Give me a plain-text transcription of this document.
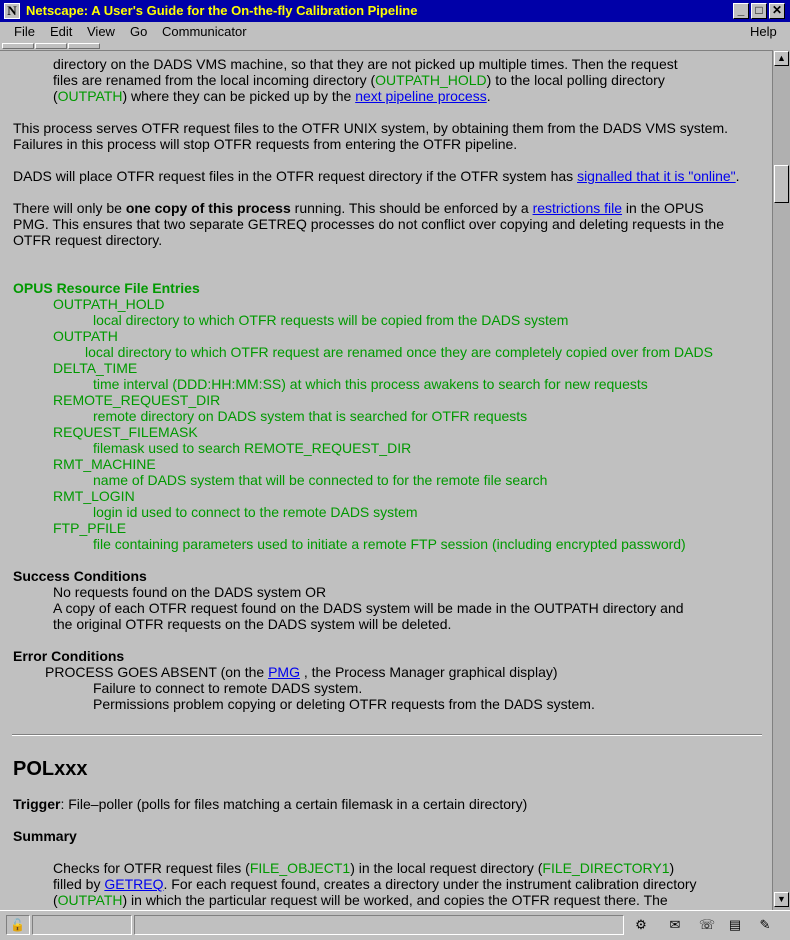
N Netscape: A User's Guide for the On-the-fly Calibration Pipeline	_ □ ✕
File Edit View Go Communicator	Help
directory on the DADS VMS machine, so that they are not picked up multiple times. Then the request
files are renamed from the local incoming directory (OUTPATH_HOLD) to the local polling directory
(OUTPATH) where they can be picked up by the next pipeline process.
This process serves OTFR request files to the OTFR UNIX system, by obtaining them from the DADS VMS system.
Failures in this process will stop OTFR requests from entering the OTFR pipeline.
DADS will place OTFR request files in the OTFR request directory if the OTFR system has signalled that it is "online".
There will only be one copy of this process running. This should be enforced by a restrictions file in the OPUS
PMG. This ensures that two separate GETREQ processes do not conflict over copying and deleting requests in the
OTFR request directory.
OPUS Resource File Entries
OUTPATH_HOLD
local directory to which OTFR requests will be copied from the DADS system
OUTPATH
local directory to which OTFR request are renamed once they are completely copied over from DADS
DELTA_TIME
time interval (DDD:HH:MM:SS) at which this process awakens to search for new requests
REMOTE_REQUEST_DIR
remote directory on DADS system that is searched for OTFR requests
REQUEST_FILEMASK
filemask used to search REMOTE_REQUEST_DIR
RMT_MACHINE
name of DADS system that will be connected to for the remote file search
RMT_LOGIN
login id used to connect to the remote DADS system
FTP_PFILE
file containing parameters used to initiate a remote FTP session (including encrypted password)
Success Conditions
No requests found on the DADS system OR
A copy of each OTFR request found on the DADS system will be made in the OUTPATH directory and
the original OTFR requests on the DADS system will be deleted.
Error Conditions
PROCESS GOES ABSENT (on the PMG , the Process Manager graphical display)
Failure to connect to remote DADS system.
Permissions problem copying or deleting OTFR requests from the DADS system.
POLxxx
Trigger: File–poller (polls for files matching a certain filemask in a certain directory)
Summary
Checks for OTFR request files (FILE_OBJECT1) in the local request directory (FILE_DIRECTORY1)
filled by GETREQ. For each request found, creates a directory under the instrument calibration directory
(OUTPATH) in which the particular request will be worked, and copies the OTFR request there. The
▲
▼
🔓	⚙	✉	☏	▤	✎
